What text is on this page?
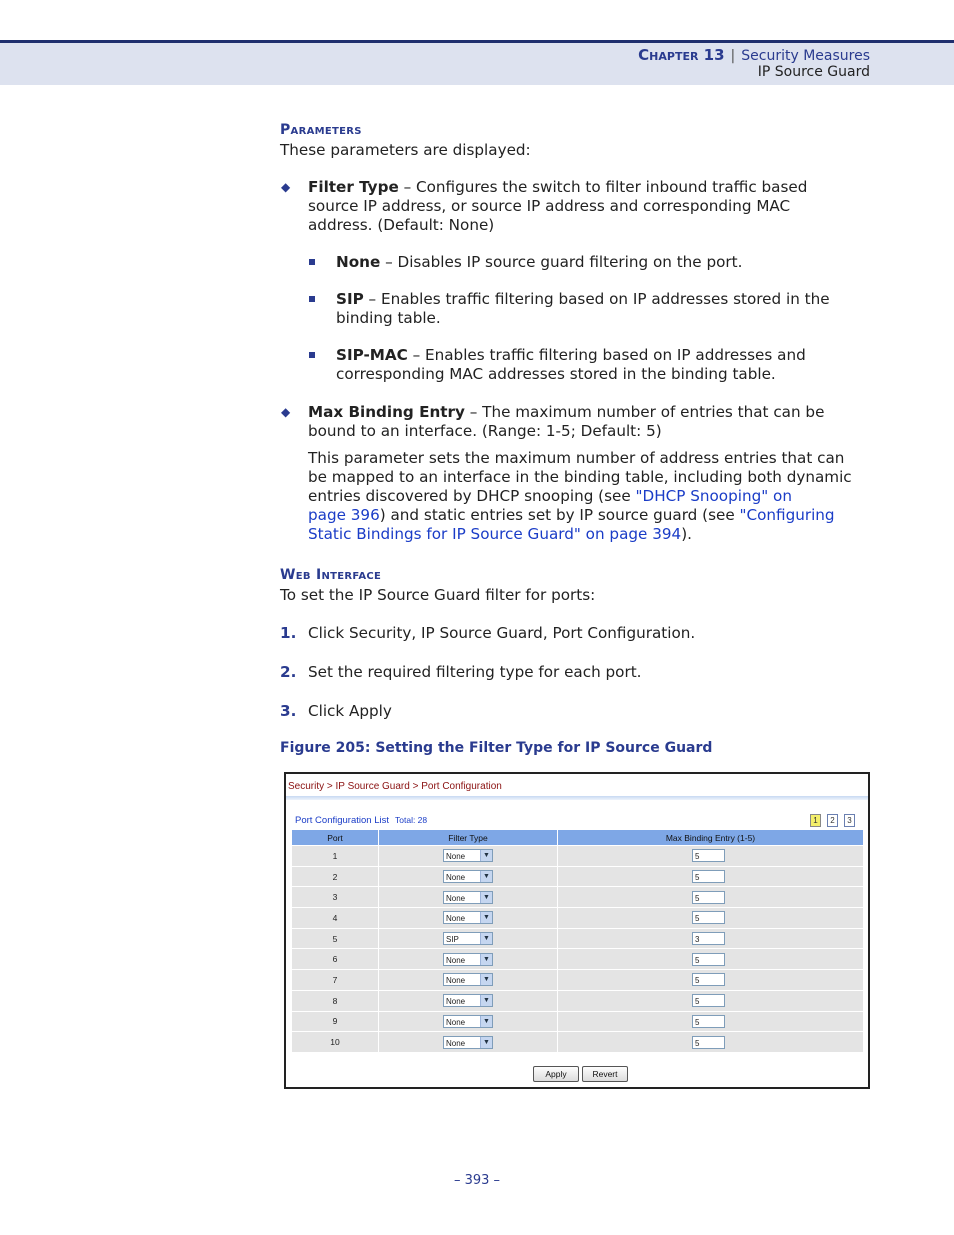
Chapter 13 | Security Measures
IP Source Guard
Parameters
These parameters are displayed:
◆ Filter Type – Configures the switch to filter inbound traffic based
source IP address, or source IP address and corresponding MAC
address. (Default: None)
None – Disables IP source guard filtering on the port.
SIP – Enables traffic filtering based on IP addresses stored in the
binding table.
SIP-MAC – Enables traffic filtering based on IP addresses and
corresponding MAC addresses stored in the binding table.
◆ Max Binding Entry – The maximum number of entries that can be
bound to an interface. (Range: 1-5; Default: 5)
This parameter sets the maximum number of address entries that can
be mapped to an interface in the binding table, including both dynamic
entries discovered by DHCP snooping (see "DHCP Snooping" on
page 396) and static entries set by IP source guard (see "Configuring
Static Bindings for IP Source Guard" on page 394).
Web Interface
To set the IP Source Guard filter for ports:
1. Click Security, IP Source Guard, Port Configuration.
2. Set the required filtering type for each port.
3. Click Apply
Figure 205: Setting the Filter Type for IP Source Guard
Security > IP Source Guard > Port Configuration
Port Configuration List Total: 28	1	2	3
Port	Filter Type	Max Binding Entry (1-5)
1	None ▼	5
2	None ▼	5
3	None ▼	5
4	None ▼	5
5	SIP ▼	3
6	None ▼	5
7	None ▼	5
8	None ▼	5
9	None ▼	5
10	None ▼	5
Apply	Revert
– 393 –
